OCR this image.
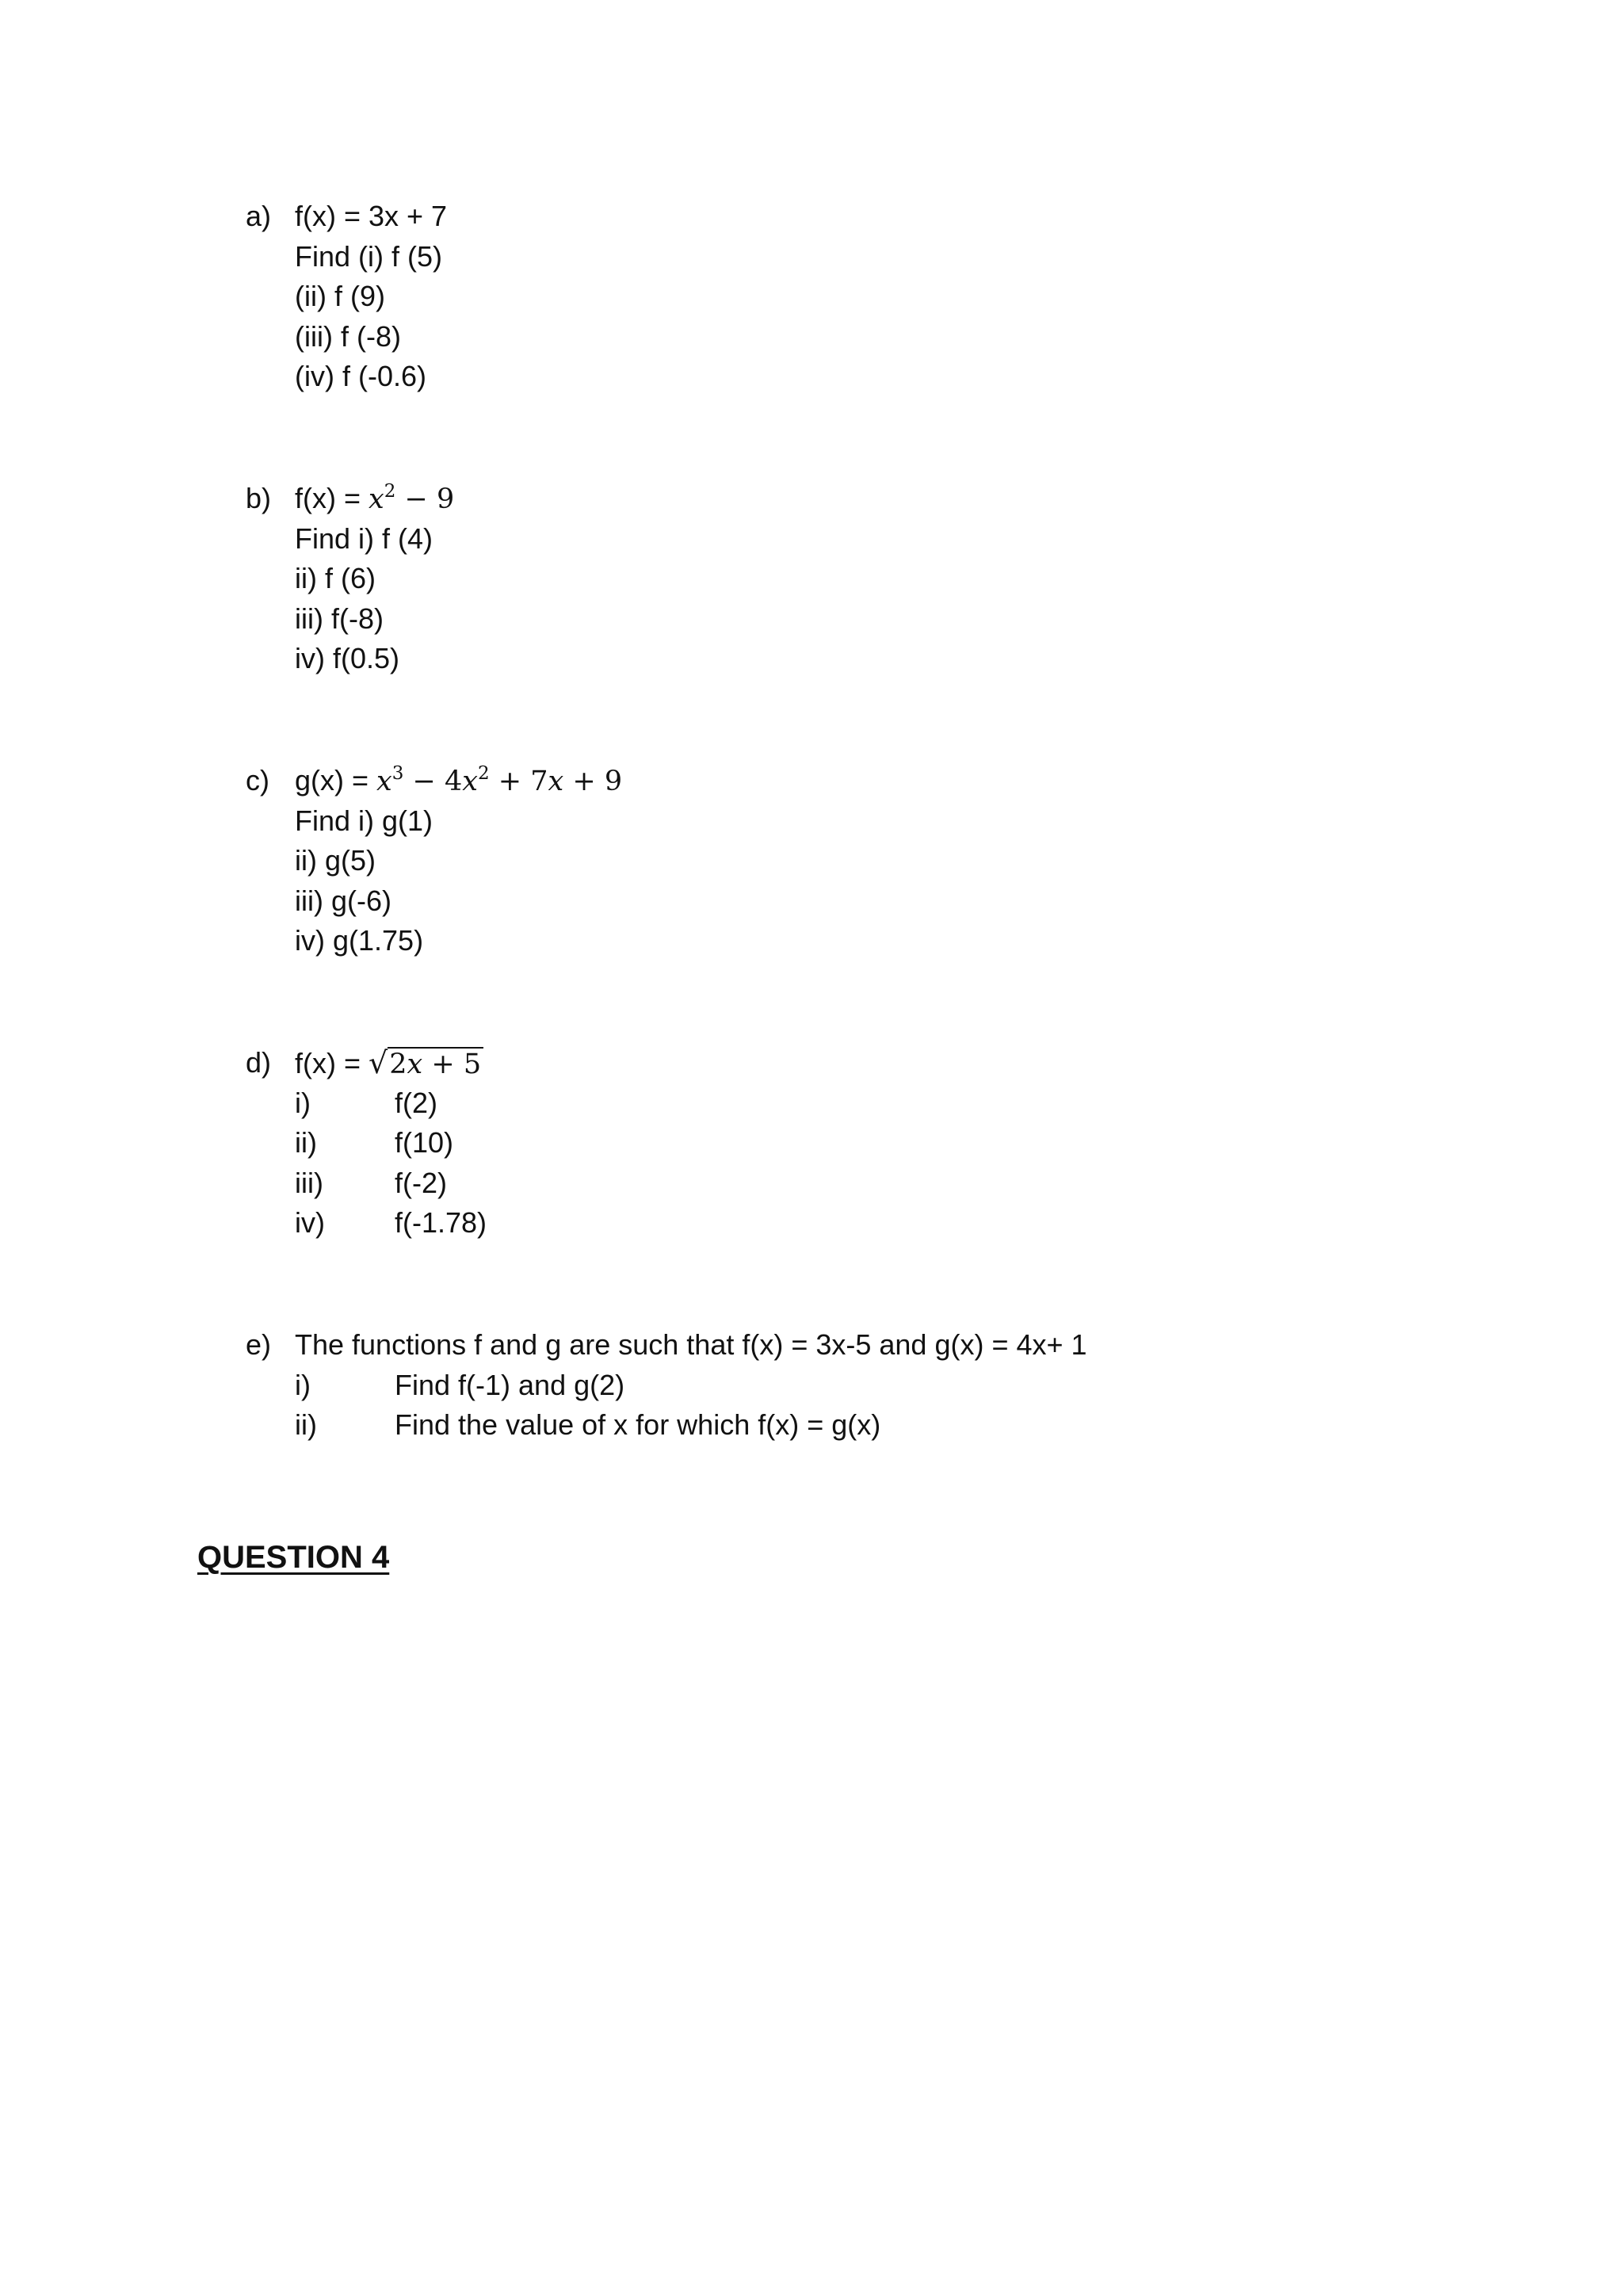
a) f(x) = 3x + 7
Find (i) f (5)
(ii) f (9)
(iii) f (-8)
(iv) f (-0.6)
b) $f(x) = x^2 - 9$
Find i) f (4)
ii) f (6)
iii) f(-8)
iv) f(0.5)
c) $g(x) = x^3 - 4x^2 + 7x + 9$
Find i) g(1)
ii) g(5)
iii) g(-6)
iv) g(1.75)
d) f(x) = √2x + 5
i)	f(2)
ii)	f(10)
iii)	f(-2)
iv) f(-1.78)
e) The functions f and g are such that f(x) = 3x-5 and g(x) = 4x+ 1
i)	Find f(-1) and g(2)
ii)	Find the value of x for which f(x) = g(x)
QUESTION 4
